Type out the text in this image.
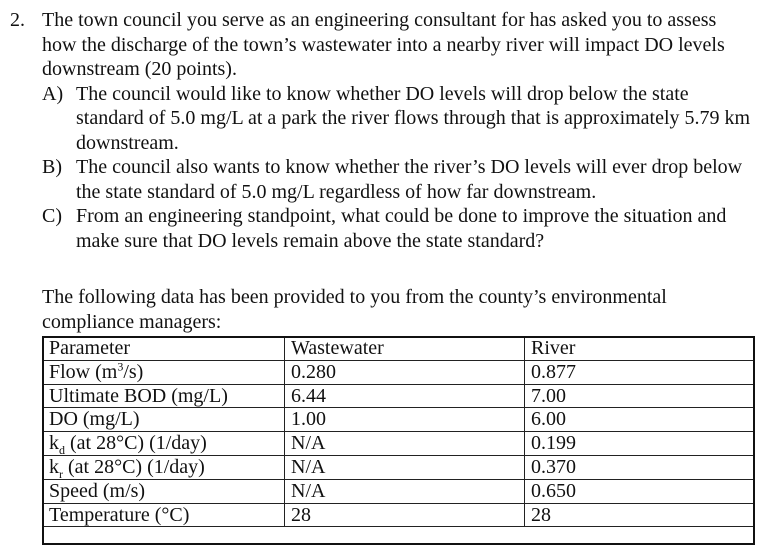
2. The town council you serve as an engineering consultant for has asked you to assess how the discharge of the town’s wastewater into a nearby river will impact DO levels downstream (20 points).
A) The council would like to know whether DO levels will drop below the state standard of 5.0 mg/L at a park the river flows through that is approximately 5.79 km downstream.
B) The council also wants to know whether the river’s DO levels will ever drop below the state standard of 5.0 mg/L regardless of how far downstream.
C) From an engineering standpoint, what could be done to improve the situation and make sure that DO levels remain above the state standard?
The following data has been provided to you from the county’s environmental compliance managers:
Parameter	Wastewater	River
Flow $(m^3/s)$	0.280	0.877
Ultimate BOD (mg/L)	6.44	7.00
DO (mg/L)	1.00	6.00
$k_d$ (at 28°C) (1/day)	N/A	0.199
$k_r$ (at 28°C) (1/day)	N/A	0.370
Speed (m/s)	N/A	0.650
Temperature (°C)	28	28
